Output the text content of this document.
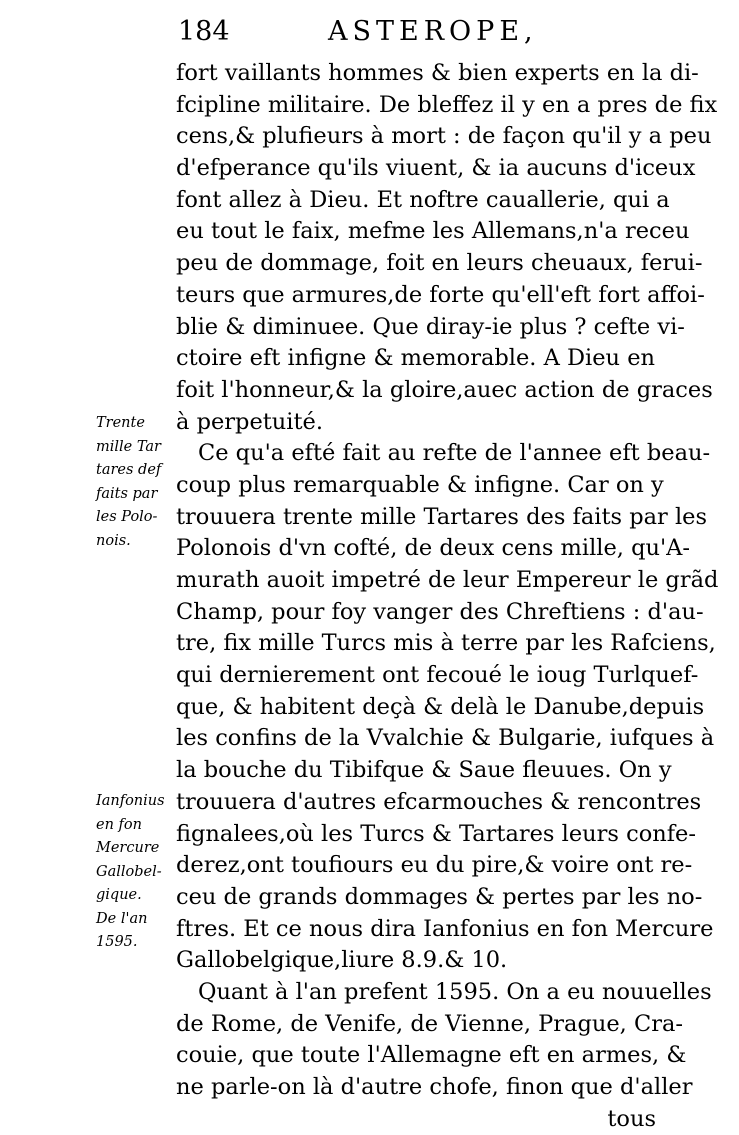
184	ASTEROPE,
fort vaillants hommes & bien experts en la di-
fcipline militaire. De bleffez il y en a pres de fix
cens,& plufieurs à mort : de façon qu'il y a peu
d'efperance qu'ils viuent, & ia aucuns d'iceux
font allez à Dieu. Et noftre cauallerie, qui a
eu tout le faix, mefme les Allemans,n'a receu
peu de dommage, foit en leurs cheuaux, ferui-
teurs que armures,de forte qu'ell'eft fort affoi-
blie & diminuee. Que diray-ie plus ? cefte vi-
ctoire eft infigne & memorable. A Dieu en
foit l'honneur,& la gloire,auec action de graces
à perpetuité.
Ce qu'a efté fait au refte de l'annee eft beau-
coup plus remarquable & infigne. Car on y
trouuera trente mille Tartares des faits par les
Polonois d'vn cofté, de deux cens mille, qu'A-
murath auoit impetré de leur Empereur le grãd
Champ, pour foy vanger des Chreftiens : d'au-
tre, fix mille Turcs mis à terre par les Rafciens,
qui dernierement ont fecoué le ioug Turlquef-
que, & habitent deçà & delà le Danube,depuis
les confins de la Vvalchie & Bulgarie, iufques à
la bouche du Tibifque & Saue fleuues. On y
trouuera d'autres efcarmouches & rencontres
fignalees,où les Turcs & Tartares leurs confe-
derez,ont toufiours eu du pire,& voire ont re-
ceu de grands dommages & pertes par les no-
ftres. Et ce nous dira Ianfonius en fon Mercure
Gallobelgique,liure 8.9.& 10.
Quant à l'an prefent 1595. On a eu nouuelles
de Rome, de Venife, de Vienne, Prague, Cra-
couie, que toute l'Allemagne eft en armes, &
ne parle-on là d'autre chofe, finon que d'aller
tous
Trente
mille Tar
tares def
faits par
les Polo-
nois.
Ianfonius
en fon
Mercure
Gallobel-
gique.
De l'an
1595.
